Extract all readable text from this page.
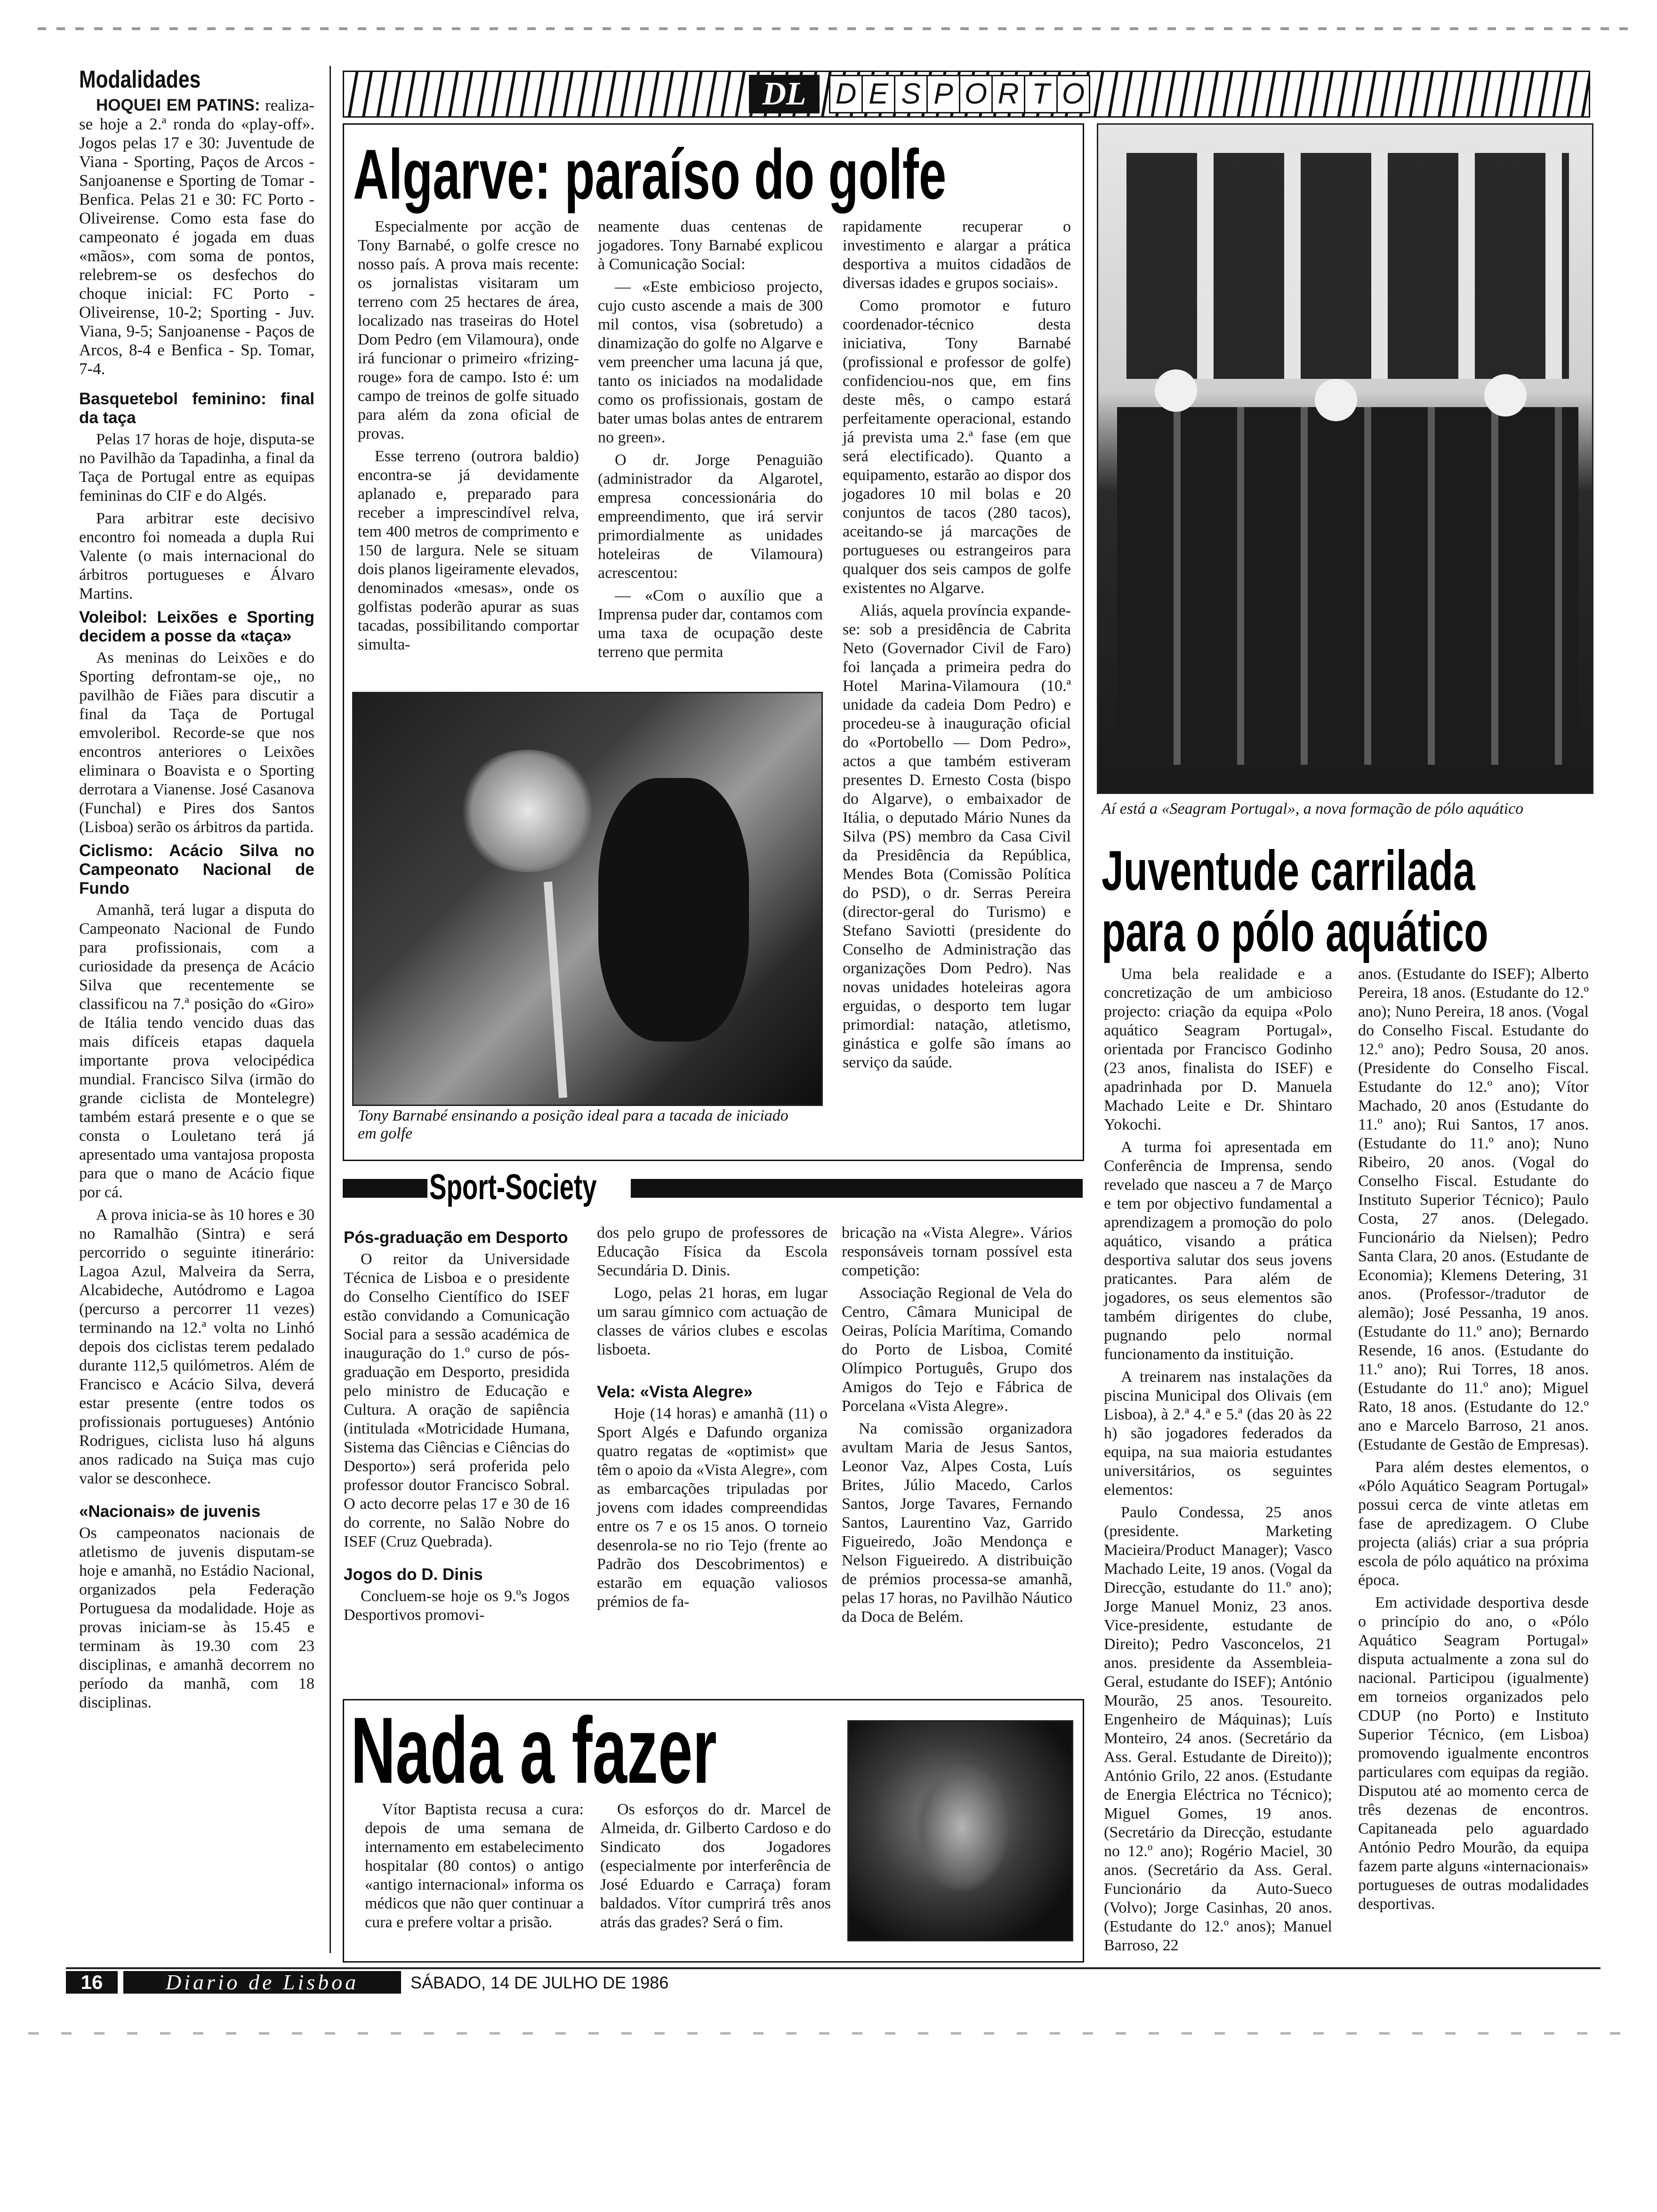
Modalidades

HOQUEI EM PATINS: realiza-se hoje a 2.ª ronda do «play-off». Jogos pelas 17 e 30: Juventude de Viana - Sporting, Paços de Arcos - Sanjoanense e Sporting de Tomar - Benfica. Pelas 21 e 30: FC Porto - Oliveirense. Como esta fase do campeonato é jogada em duas «mãos», com soma de pontos, relebrem-se os desfechos do choque inicial: FC Porto - Oliveirense, 10-2; Sporting - Juv. Viana, 9-5; Sanjoanense - Paços de Arcos, 8-4 e Benfica - Sp. Tomar, 7-4.

Basquetebol feminino: final da taça

Pelas 17 horas de hoje, disputa-se no Pavilhão da Tapadinha, a final da Taça de Portugal entre as equipas femininas do CIF e do Algés.

Para arbitrar este decisivo encontro foi nomeada a dupla Rui Valente (o mais internacional do árbitros portugueses e Álvaro Martins.

Voleibol: Leixões e Sporting decidem a posse da «taça»

As meninas do Leixões e do Sporting defrontam-se oje,, no pavilhão de Fiães para discutir a final da Taça de Portugal emvoleribol. Recorde-se que nos encontros anteriores o Leixões eliminara o Boavista e o Sporting derrotara a Vianense. José Casanova (Funchal) e Pires dos Santos (Lisboa) serão os árbitros da partida.

Ciclismo: Acácio Silva no Campeonato Nacional de Fundo

Amanhã, terá lugar a disputa do Campeonato Nacional de Fundo para profissionais, com a curiosidade da presença de Acácio Silva que recentemente se classificou na 7.ª posição do «Giro» de Itália tendo vencido duas das mais difíceis etapas daquela importante prova velocipédica mundial. Francisco Silva (irmão do grande ciclista de Montelegre) também estará presente e o que se consta o Louletano terá já apresentado uma vantajosa proposta para que o mano de Acácio fique por cá.

A prova inicia-se às 10 hores e 30 no Ramalhão (Sintra) e será percorrido o seguinte itinerário: Lagoa Azul, Malveira da Serra, Alcabideche, Autódromo e Lagoa (percurso a percorrer 11 vezes) terminando na 12.ª volta no Linhó depois dos ciclistas terem pedalado durante 112,5 quilómetros. Além de Francisco e Acácio Silva, deverá estar presente (entre todos os profissionais portugueses) António Rodrigues, ciclista luso há alguns anos radicado na Suiça mas cujo valor se desconhece.

«Nacionais» de juvenis

Os campeonatos nacionais de atletismo de juvenis disputam-se hoje e amanhã, no Estádio Nacional, organizados pela Federação Portuguesa da modalidade. Hoje as provas iniciam-se às 15.45 e terminam às 19.30 com 23 disciplinas, e amanhã decorrem no período da manhã, com 18 disciplinas.

DL D E S P O R T O
Algarve: paraíso do golfe

Especialmente por acção de Tony Barnabé, o golfe cresce no nosso país. A prova mais recente: os jornalistas visitaram um terreno com 25 hectares de área, localizado nas traseiras do Hotel Dom Pedro (em Vilamoura), onde irá funcionar o primeiro «frizing-rouge» fora de campo. Isto é: um campo de treinos de golfe situado para além da zona oficial de provas.

Esse terreno (outrora baldio) encontra-se já devidamente aplanado e, preparado para receber a imprescindível relva, tem 400 metros de comprimento e 150 de largura. Nele se situam dois planos ligeiramente elevados, denominados «mesas», onde os golfistas poderão apurar as suas tacadas, possibilitando comportar simulta-

neamente duas centenas de jogadores. Tony Barnabé explicou à Comunicação Social:

— «Este embicioso projecto, cujo custo ascende a mais de 300 mil contos, visa (sobretudo) a dinamização do golfe no Algarve e vem preencher uma lacuna já que, tanto os iniciados na modalidade como os profissionais, gostam de bater umas bolas antes de entrarem no green».

O dr. Jorge Penaguião (administrador da Algarotel, empresa concessionária do empreendimento, que irá servir primordialmente as unidades hoteleiras de Vilamoura) acrescentou:

— «Com o auxílio que a Imprensa puder dar, contamos com uma taxa de ocupação deste terreno que permita

rapidamente recuperar o investimento e alargar a prática desportiva a muitos cidadãos de diversas idades e grupos sociais».

Como promotor e futuro coordenador-técnico desta iniciativa, Tony Barnabé (profissional e professor de golfe) confidenciou-nos que, em fins deste mês, o campo estará perfeitamente operacional, estando já prevista uma 2.ª fase (em que será electificado). Quanto a equipamento, estarão ao dispor dos jogadores 10 mil bolas e 20 conjuntos de tacos (280 tacos), aceitando-se já marcações de portugueses ou estrangeiros para qualquer dos seis campos de golfe existentes no Algarve.

Aliás, aquela província expande-se: sob a presidência de Cabrita Neto (Governador Civil de Faro) foi lançada a primeira pedra do Hotel Marina-Vilamoura (10.ª unidade da cadeia Dom Pedro) e procedeu-se à inauguração oficial do «Portobello — Dom Pedro», actos a que também estiveram presentes D. Ernesto Costa (bispo do Algarve), o embaixador de Itália, o deputado Mário Nunes da Silva (PS) membro da Casa Civil da Presidência da República, Mendes Bota (Comissão Política do PSD), o dr. Serras Pereira (director-geral do Turismo) e Stefano Saviotti (presidente do Conselho de Administração das organizações Dom Pedro). Nas novas unidades hoteleiras agora erguidas, o desporto tem lugar primordial: natação, atletismo, ginástica e golfe são ímans ao serviço da saúde.

Tony Barnabé ensinando a posição ideal para a tacada de iniciado em golfe
Aí está a «Seagram Portugal», a nova formação de pólo aquático
Juventude carrilada
para o pólo aquático

Uma bela realidade e a concretização de um ambicioso projecto: criação da equipa «Polo aquático Seagram Portugal», orientada por Francisco Godinho (23 anos, finalista do ISEF) e apadrinhada por D. Manuela Machado Leite e Dr. Shintaro Yokochi.

A turma foi apresentada em Conferência de Imprensa, sendo revelado que nasceu a 7 de Março e tem por objectivo fundamental a aprendizagem a promoção do polo aquático, visando a prática desportiva salutar dos seus jovens praticantes. Para além de jogadores, os seus elementos são também dirigentes do clube, pugnando pelo normal funcionamento da instituição.

A treinarem nas instalações da piscina Municipal dos Olivais (em Lisboa), à 2.ª 4.ª e 5.ª (das 20 às 22 h) são jogadores federados da equipa, na sua maioria estudantes universitários, os seguintes elementos:

Paulo Condessa, 25 anos (presidente. Marketing Macieira/Product Manager); Vasco Machado Leite, 19 anos. (Vogal da Direcção, estudante do 11.º ano); Jorge Manuel Moniz, 23 anos. Vice-presidente, estudante de Direito); Pedro Vasconcelos, 21 anos. presidente da Assembleia-Geral, estudante do ISEF); António Mourão, 25 anos. Tesoureito. Engenheiro de Máquinas); Luís Monteiro, 24 anos. (Secretário da Ass. Geral. Estudante de Direito)); António Grilo, 22 anos. (Estudante de Energia Eléctrica no Técnico); Miguel Gomes, 19 anos. (Secretário da Direcção, estudante no 12.º ano); Rogério Maciel, 30 anos. (Secretário da Ass. Geral. Funcionário da Auto-Sueco (Volvo); Jorge Casinhas, 20 anos. (Estudante do 12.º anos); Manuel Barroso, 22

anos. (Estudante do ISEF); Alberto Pereira, 18 anos. (Estudante do 12.º ano); Nuno Pereira, 18 anos. (Vogal do Conselho Fiscal. Estudante do 12.º ano); Pedro Sousa, 20 anos. (Presidente do Conselho Fiscal. Estudante do 12.º ano); Vítor Machado, 20 anos (Estudante do 11.º ano); Rui Santos, 17 anos. (Estudante do 11.º ano); Nuno Ribeiro, 20 anos. (Vogal do Conselho Fiscal. Estudante do Instituto Superior Técnico); Paulo Costa, 27 anos. (Delegado. Funcionário da Nielsen); Pedro Santa Clara, 20 anos. (Estudante de Economia); Klemens Detering, 31 anos. (Professor-/tradutor de alemão); José Pessanha, 19 anos. (Estudante do 11.º ano); Bernardo Resende, 16 anos. (Estudante do 11.º ano); Rui Torres, 18 anos. (Estudante do 11.º ano); Miguel Rato, 18 anos. (Estudante do 12.º ano e Marcelo Barroso, 21 anos. (Estudante de Gestão de Empresas).

Para além destes elementos, o «Pólo Aquático Seagram Portugal» possui cerca de vinte atletas em fase de apredizagem. O Clube projecta (aliás) criar a sua própria escola de pólo aquático na próxima época.

Em actividade desportiva desde o princípio do ano, o «Pólo Aquático Seagram Portugal» disputa actualmente a zona sul do nacional. Participou (igualmente) em torneios organizados pelo CDUP (no Porto) e Instituto Superior Técnico, (em Lisboa) promovendo igualmente encontros particulares com equipas da região. Disputou até ao momento cerca de três dezenas de encontros. Capitaneada pelo aguardado António Pedro Mourão, da equipa fazem parte alguns «internacionais» portugueses de outras modalidades desportivas.

Sport-Society
Pós-graduação em Desporto

O reitor da Universidade Técnica de Lisboa e o presidente do Conselho Científico do ISEF estão convidando a Comunicação Social para a sessão académica de inauguração do 1.º curso de pós-graduação em Desporto, presidida pelo ministro de Educação e Cultura. A oração de sapiência (intitulada «Motricidade Humana, Sistema das Ciências e Ciências do Desporto») será proferida pelo professor doutor Francisco Sobral. O acto decorre pelas 17 e 30 de 16 do corrente, no Salão Nobre do ISEF (Cruz Quebrada).

Jogos do D. Dinis

Concluem-se hoje os 9.ºs Jogos Desportivos promovi-

dos pelo grupo de professores de Educação Física da Escola Secundária D. Dinis.

Logo, pelas 21 horas, em lugar um sarau gímnico com actuação de classes de vários clubes e escolas lisboeta.

Vela: «Vista Alegre»

Hoje (14 horas) e amanhã (11) o Sport Algés e Dafundo organiza quatro regatas de «optimist» que têm o apoio da «Vista Alegre», com as embarcações tripuladas por jovens com idades compreendidas entre os 7 e os 15 anos. O torneio desenrola-se no rio Tejo (frente ao Padrão dos Descobrimentos) e estarão em equação valiosos prémios de fa-

bricação na «Vista Alegre». Vários responsáveis tornam possível esta competição:

Associação Regional de Vela do Centro, Câmara Municipal de Oeiras, Polícia Marítima, Comando do Porto de Lisboa, Comité Olímpico Português, Grupo dos Amigos do Tejo e Fábrica de Porcelana «Vista Alegre».

Na comissão organizadora avultam Maria de Jesus Santos, Leonor Vaz, Alpes Costa, Luís Brites, Júlio Macedo, Carlos Santos, Jorge Tavares, Fernando Santos, Laurentino Vaz, Garrido Figueiredo, João Mendonça e Nelson Figueiredo. A distribuição de prémios processa-se amanhã, pelas 17 horas, no Pavilhão Náutico da Doca de Belém.

Nada a fazer

Vítor Baptista recusa a cura: depois de uma semana de internamento em estabelecimento hospitalar (80 contos) o antigo «antigo internacional» informa os médicos que não quer continuar a cura e prefere voltar a prisão.

Os esforços do dr. Marcel de Almeida, dr. Gilberto Cardoso e do Sindicato dos Jogadores (especialmente por interferência de José Eduardo e Carraça) foram baldados. Vítor cumprirá três anos atrás das grades? Será o fim.

16	Diario de Lisboa	SÁBADO, 14 DE JULHO DE 1986
